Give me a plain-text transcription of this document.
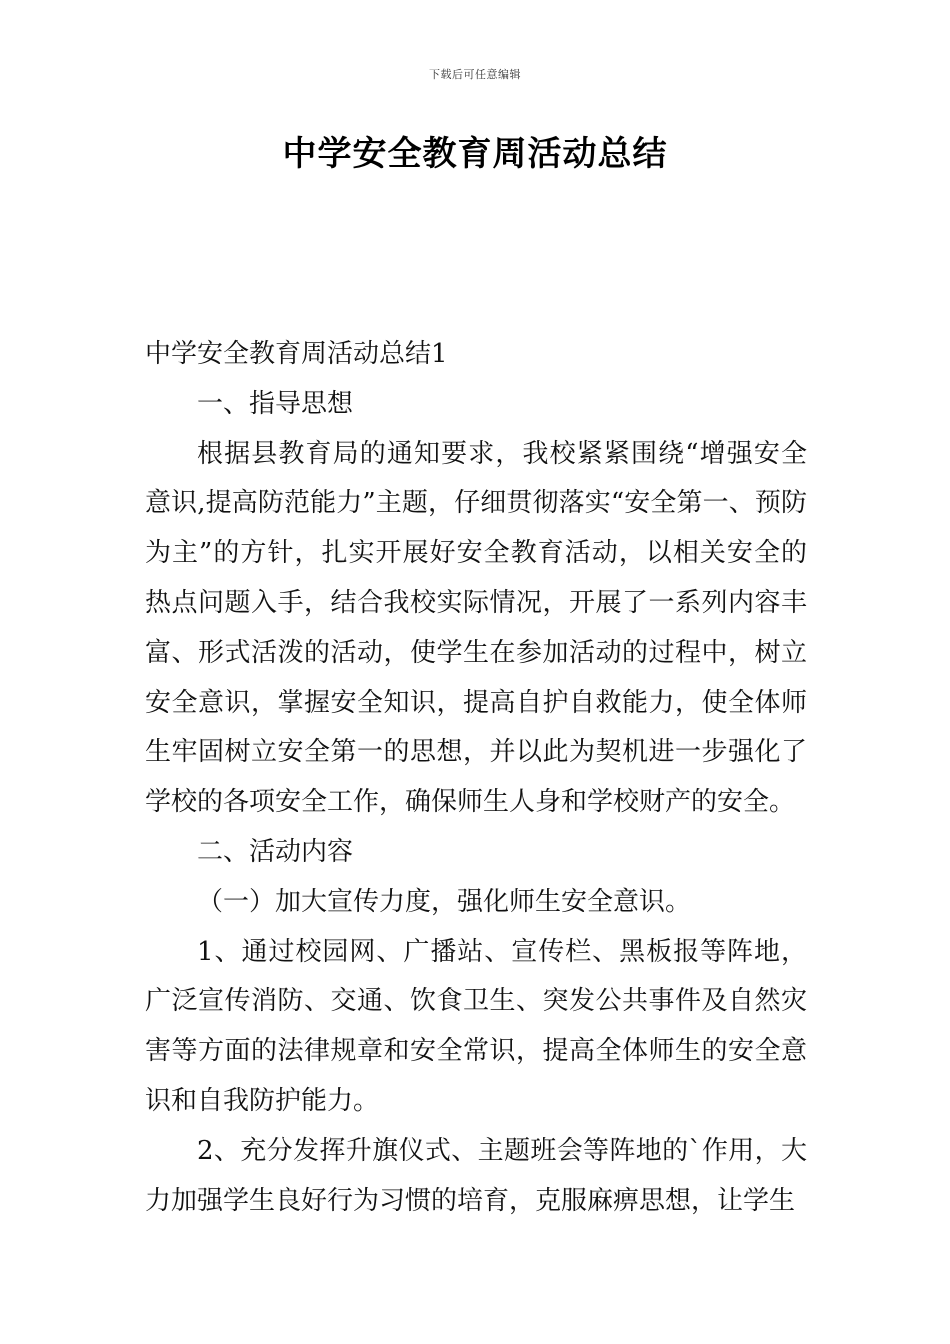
下载后可任意编辑
中学安全教育周活动总结

中学安全教育周活动总结1

一、指导思想

根据县教育局的通知要求，我校紧紧围绕“增强安全意识,提高防范能力”主题，仔细贯彻落实“安全第一、预防为主”的方针，扎实开展好安全教育活动，以相关安全的热点问题入手，结合我校实际情况，开展了一系列内容丰富、形式活泼的活动，使学生在参加活动的过程中，树立安全意识，掌握安全知识，提高自护自救能力，使全体师生牢固树立安全第一的思想，并以此为契机进一步强化了学校的各项安全工作，确保师生人身和学校财产的安全。

二、活动内容

（一）加大宣传力度，强化师生安全意识。

1、通过校园网、广播站、宣传栏、黑板报等阵地，广泛宣传消防、交通、饮食卫生、突发公共事件及自然灾害等方面的法律规章和安全常识，提高全体师生的安全意识和自我防护能力。

2、充分发挥升旗仪式、主题班会等阵地的`作用，大力加强学生良好行为习惯的培育，克服麻痹思想，让学生
